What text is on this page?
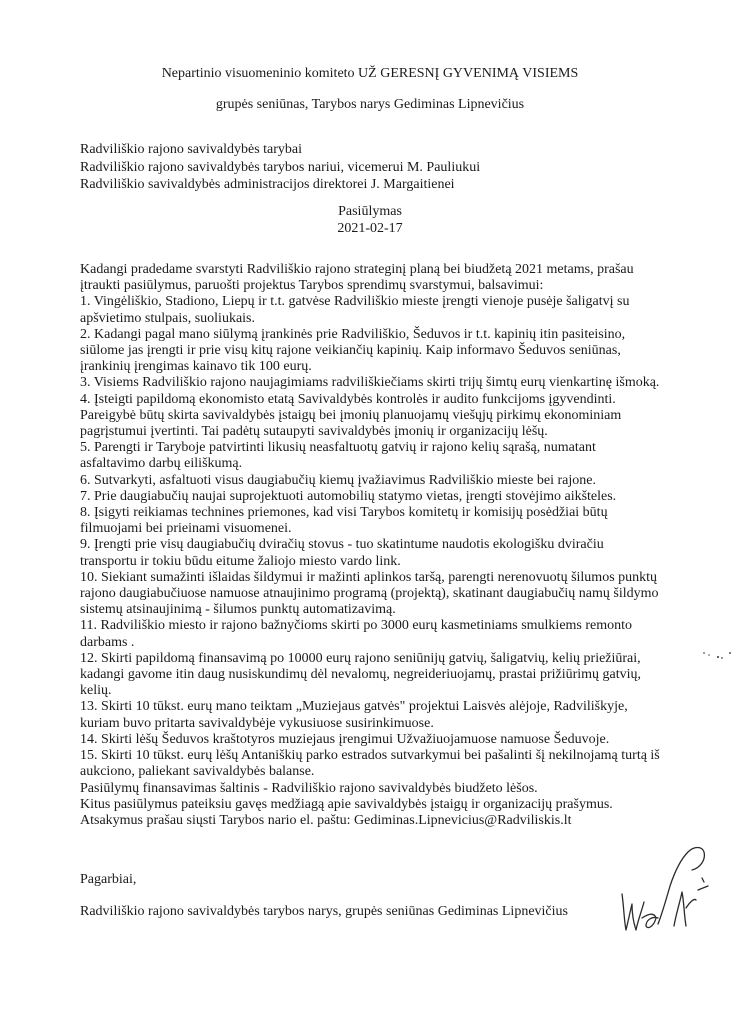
Nepartinio visuomeninio komiteto UŽ GERESNĮ GYVENIMĄ VISIEMS
grupės seniūnas, Tarybos narys Gediminas Lipnevičius
Radviliškio rajono savivaldybės tarybai
Radviliškio rajono savivaldybės tarybos nariui, vicemerui M. Pauliukui
Radviliškio savivaldybės administracijos direktorei J. Margaitienei
Pasiūlymas
2021-02-17

Kadangi pradedame svarstyti Radviliškio rajono strateginį planą bei biudžetą 2021 metams, prašau įtraukti pasiūlymus, paruošti projektus Tarybos sprendimų svarstymui, balsavimui:

1. Vingėliškio, Stadiono, Liepų ir t.t. gatvėse Radviliškio mieste įrengti vienoje pusėje šaligatvį su apšvietimo stulpais, suoliukais.

2. Kadangi pagal mano siūlymą įrankinės prie Radviliškio, Šeduvos ir t.t. kapinių itin pasiteisino, siūlome jas įrengti ir prie visų kitų rajone veikiančių kapinių. Kaip informavo Šeduvos seniūnas, įrankinių įrengimas kainavo tik 100 eurų.

3. Visiems Radviliškio rajono naujagimiams radviliškiečiams skirti trijų šimtų eurų vienkartinę išmoką.

4. Įsteigti papildomą ekonomisto etatą Savivaldybės kontrolės ir audito funkcijoms įgyvendinti. Pareigybė būtų skirta savivaldybės įstaigų bei įmonių planuojamų viešųjų pirkimų ekonominiam pagrįstumui įvertinti. Tai padėtų sutaupyti savivaldybės įmonių ir organizacijų lėšų.

5. Parengti ir Taryboje patvirtinti likusių neasfaltuotų gatvių ir rajono kelių sąrašą, numatant asfaltavimo darbų eiliškumą.

6. Sutvarkyti, asfaltuoti visus daugiabučių kiemų įvažiavimus Radviliškio mieste bei rajone.

7. Prie daugiabučių naujai suprojektuoti automobilių statymo vietas, įrengti stovėjimo aikšteles.

8. Įsigyti reikiamas technines priemones, kad visi Tarybos komitetų ir komisijų posėdžiai būtų filmuojami bei prieinami visuomenei.

9. Įrengti prie visų daugiabučių dviračių stovus - tuo skatintume naudotis ekologišku dviračiu transportu ir tokiu būdu eitume žaliojo miesto vardo link.

10. Siekiant sumažinti išlaidas šildymui ir mažinti aplinkos taršą, parengti nerenovuotų šilumos punktų rajono daugiabučiuose namuose atnaujinimo programą (projektą), skatinant daugiabučių namų šildymo sistemų atsinaujinimą - šilumos punktų automatizavimą.

11. Radviliškio miesto ir rajono bažnyčioms skirti po 3000 eurų kasmetiniams smulkiems remonto darbams .

12. Skirti papildomą finansavimą po 10000 eurų rajono seniūnijų gatvių, šaligatvių, kelių priežiūrai, kadangi gavome itin daug nusiskundimų dėl nevalomų, negreideriuojamų, prastai prižiūrimų gatvių, kelių.

13. Skirti 10 tūkst. eurų mano teiktam „Muziejaus gatvės" projektui Laisvės alėjoje, Radviliškyje, kuriam buvo pritarta savivaldybėje vykusiuose susirinkimuose.

14. Skirti lėšų Šeduvos kraštotyros muziejaus įrengimui Užvažiuojamuose namuose Šeduvoje.

15. Skirti 10 tūkst. eurų lėšų Antaniškių parko estrados sutvarkymui bei pašalinti šį nekilnojamą turtą iš aukciono, paliekant savivaldybės balanse.

Pasiūlymų finansavimas šaltinis - Radviliškio rajono savivaldybės biudžeto lėšos.

Kitus pasiūlymus pateiksiu gavęs medžiagą apie savivaldybės įstaigų ir organizacijų prašymus.

Atsakymus prašau siųsti Tarybos nario el. paštu: Gediminas.Lipnevicius@Radviliskis.lt

Pagarbiai,
Radviliškio rajono savivaldybės tarybos narys, grupės seniūnas Gediminas Lipnevičius
